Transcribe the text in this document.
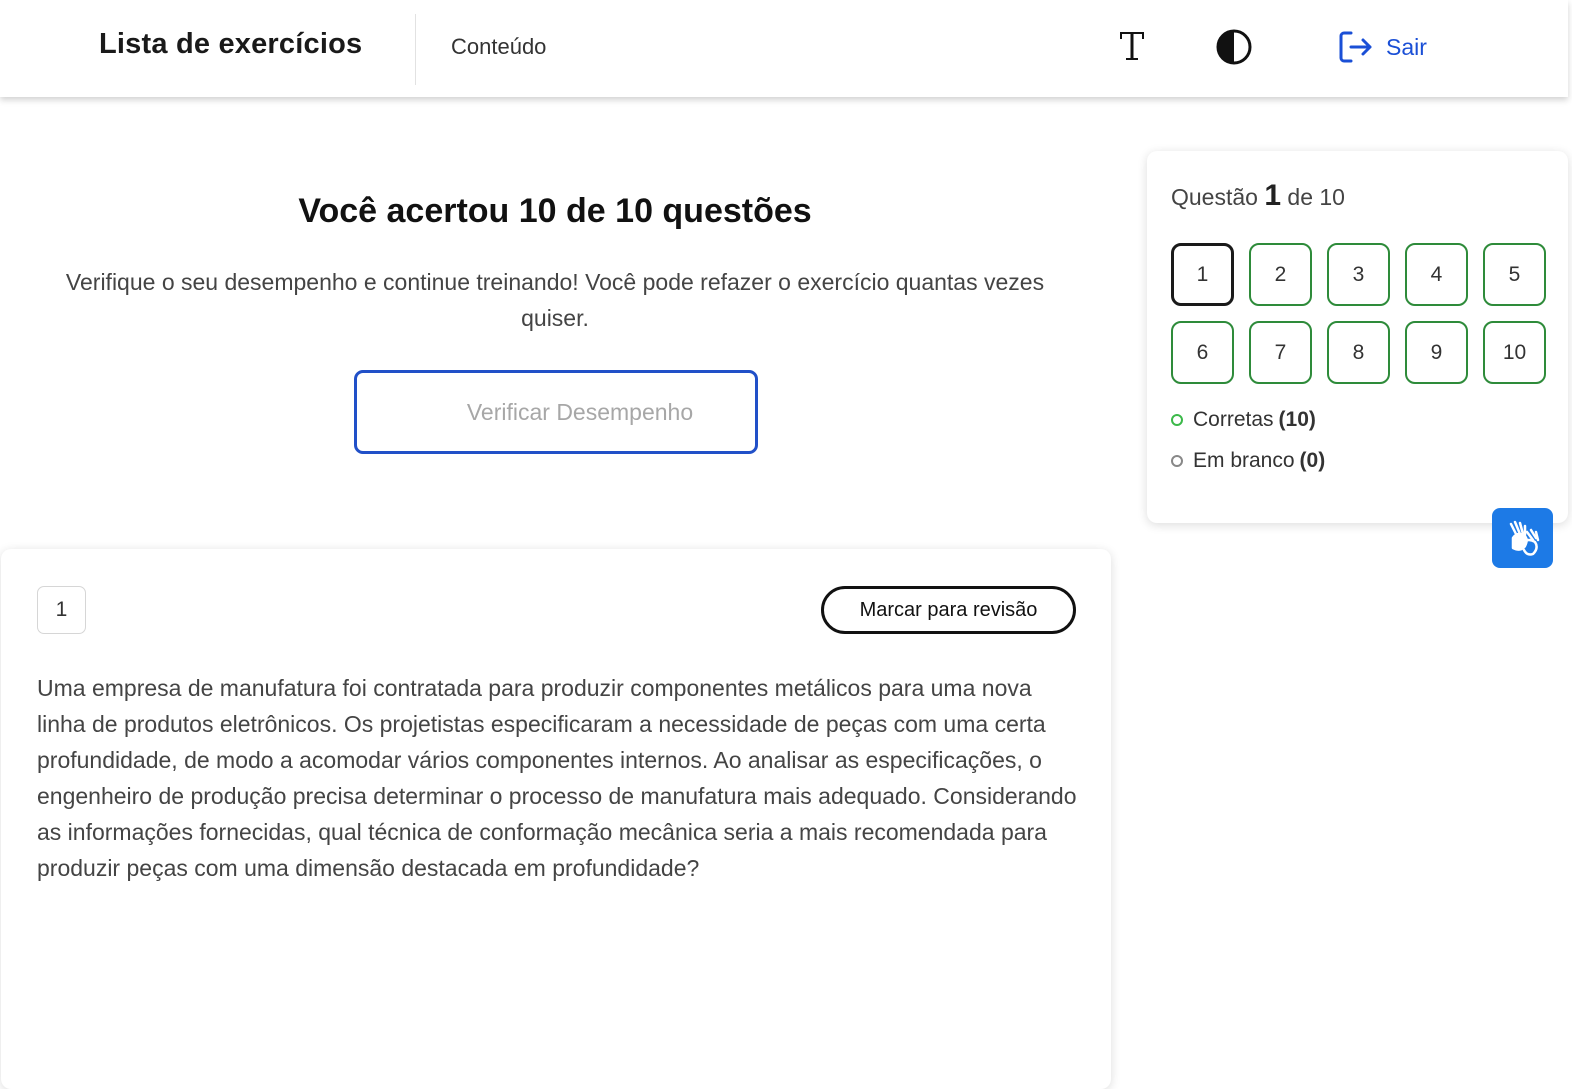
Lista de exercícios	Conteúdo	Sair
Você acertou 10 de 10 questões
Verifique o seu desempenho e continue treinando! Você pode refazer o exercício quantas vezes quiser.
Verificar Desempenho
Questão 1 de 10
1	2	3	4	5
6	7	8	9	10
Corretas (10)
Em branco (0)
1	Marcar para revisão
Uma empresa de manufatura foi contratada para produzir componentes metálicos para uma nova linha de produtos eletrônicos. Os projetistas especificaram a necessidade de peças com uma certa profundidade, de modo a acomodar vários componentes internos. Ao analisar as especificações, o engenheiro de produção precisa determinar o processo de manufatura mais adequado. Considerando as informações fornecidas, qual técnica de conformação mecânica seria a mais recomendada para produzir peças com uma dimensão destacada em profundidade?
